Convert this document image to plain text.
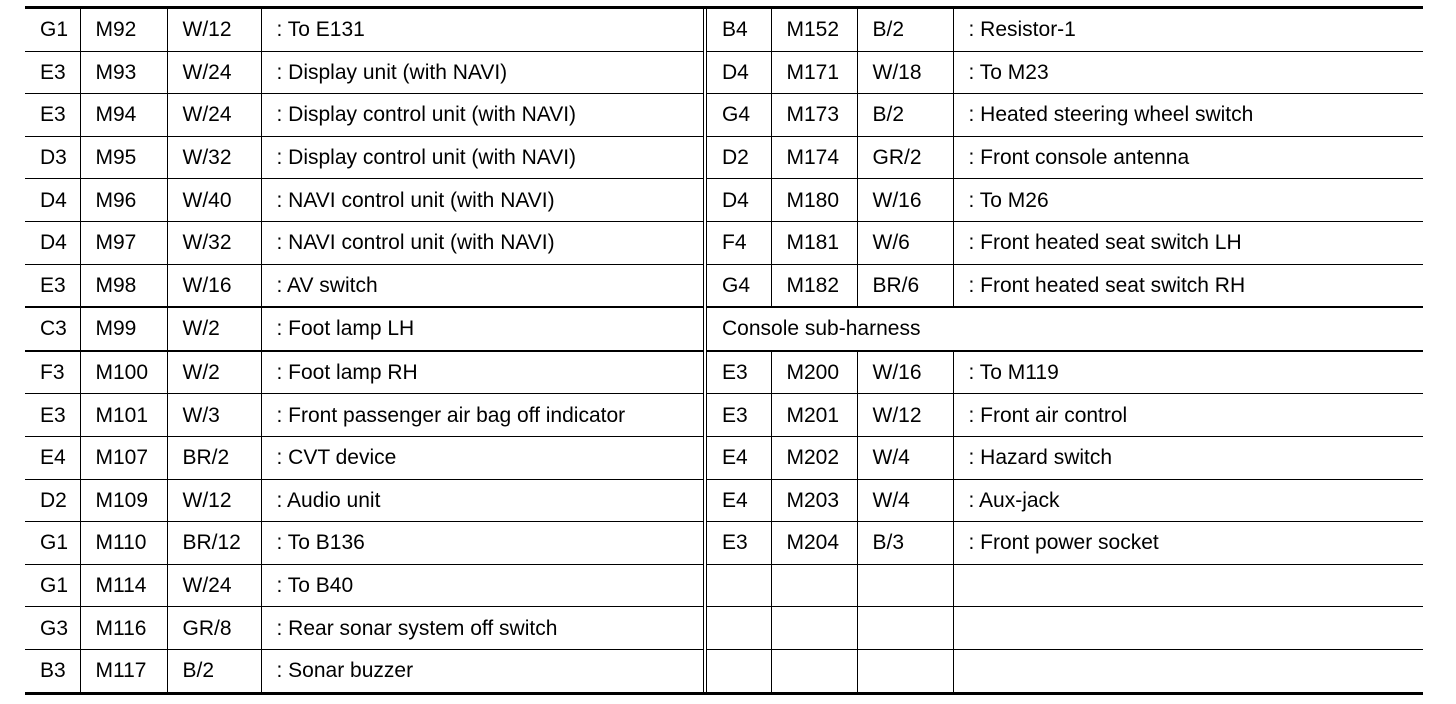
G1	M92	W/12	: To E131	B4	M152	B/2	: Resistor-1
E3	M93	W/24	: Display unit (with NAVI)	D4	M171	W/18	: To M23
E3	M94	W/24	: Display control unit (with NAVI)	G4	M173	B/2	: Heated steering wheel switch
D3	M95	W/32	: Display control unit (with NAVI)	D2	M174	GR/2	: Front console antenna
D4	M96	W/40	: NAVI control unit (with NAVI)	D4	M180	W/16	: To M26
D4	M97	W/32	: NAVI control unit (with NAVI)	F4	M181	W/6	: Front heated seat switch LH
E3	M98	W/16	: AV switch	G4	M182	BR/6	: Front heated seat switch RH
C3	M99	W/2	: Foot lamp LH	Console sub-harness			
F3	M100	W/2	: Foot lamp RH	E3	M200	W/16	: To M119
E3	M101	W/3	: Front passenger air bag off indicator	E3	M201	W/12	: Front air control
E4	M107	BR/2	: CVT device	E4	M202	W/4	: Hazard switch
D2	M109	W/12	: Audio unit	E4	M203	W/4	: Aux-jack
G1	M110	BR/12	: To B136	E3	M204	B/3	: Front power socket
G1	M114	W/24	: To B40				
G3	M116	GR/8	: Rear sonar system off switch				
B3	M117	B/2	: Sonar buzzer				
